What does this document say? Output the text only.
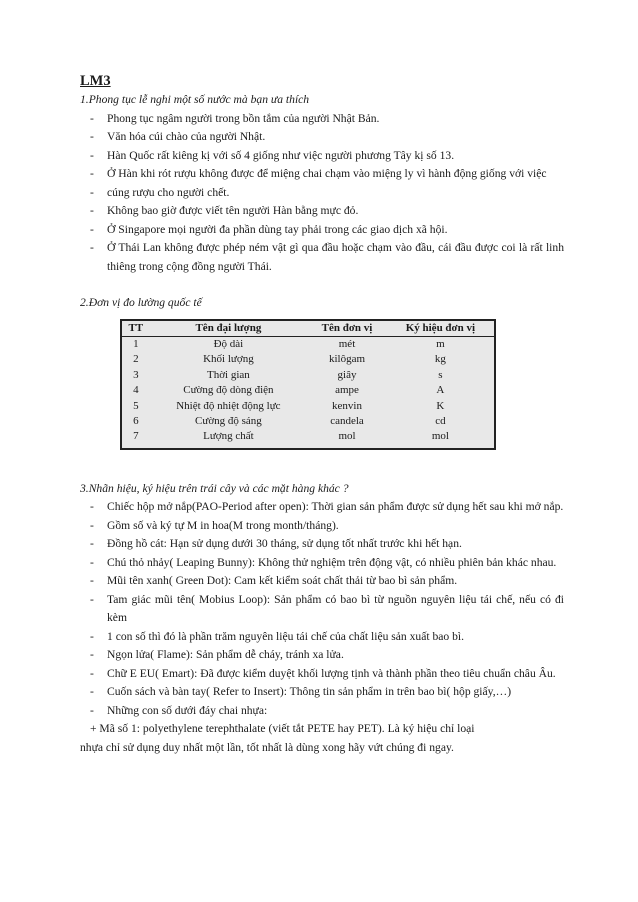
LM3
1.Phong tục lễ nghi một số nước mà bạn ưa thích
- Phong tục ngâm người trong bồn tắm của người Nhật Bản.
- Văn hóa cúi chào của người Nhật.
- Hàn Quốc rất kiêng kị với số 4 giống như việc người phương Tây kị số 13.
- Ở Hàn khi rót rượu không được để miệng chai chạm vào miệng ly vì hành động giống với việc
- cúng rượu cho người chết.
- Không bao giờ được viết tên người Hàn bằng mực đỏ.
- Ở Singapore mọi người đa phần dùng tay phải trong các giao dịch xã hội.
- Ở Thái Lan không được phép ném vật gì qua đầu hoặc chạm vào đầu, cái đầu được coi là rất linh thiêng trong cộng đồng người Thái.
2.Đơn vị đo lường quốc tế
TT	Tên đại lượng	Tên đơn vị	Ký hiệu đơn vị
1	Độ dài	mét	m
2	Khối lượng	kilôgam	kg
3	Thời gian	giây	s
4	Cường độ dòng điện	ampe	A
5	Nhiệt độ nhiệt động lực	kenvin	K
6	Cường độ sáng	candela	cd
7	Lượng chất	mol	mol
3.Nhãn hiệu, ký hiệu trên trái cây và các mặt hàng khác ?
- Chiếc hộp mở nắp(PAO-Period after open): Thời gian sản phẩm được sử dụng hết sau khi mở nắp.
- Gồm số và ký tự M in hoa(M trong month/tháng).
- Đồng hồ cát: Hạn sử dụng dưới 30 tháng, sử dụng tốt nhất trước khi hết hạn.
- Chú thỏ nhảy( Leaping Bunny): Không thử nghiệm trên động vật, có nhiều phiên bản khác nhau.
- Mũi tên xanh( Green Dot): Cam kết kiểm soát chất thải từ bao bì sản phẩm.
- Tam giác mũi tên( Mobius Loop): Sản phẩm có bao bì từ nguồn nguyên liệu tái chế, nếu có đi kèm
- 1 con số thì đó là phần trăm nguyên liệu tái chế của chất liệu sản xuất bao bì.
- Ngọn lửa( Flame): Sản phẩm dễ cháy, tránh xa lửa.
- Chữ E EU( Emart): Đã được kiểm duyệt khối lượng tịnh và thành phần theo tiêu chuẩn châu Âu.
- Cuốn sách và bàn tay( Refer to Insert): Thông tin sản phẩm in trên bao bì( hộp giấy,…)
- Những con số dưới đáy chai nhựa:
+ Mã số 1: polyethylene terephthalate (viết tắt PETE hay PET). Là ký hiệu chỉ loại
nhựa chỉ sử dụng duy nhất một lần, tốt nhất là dùng xong hãy vứt chúng đi ngay.
